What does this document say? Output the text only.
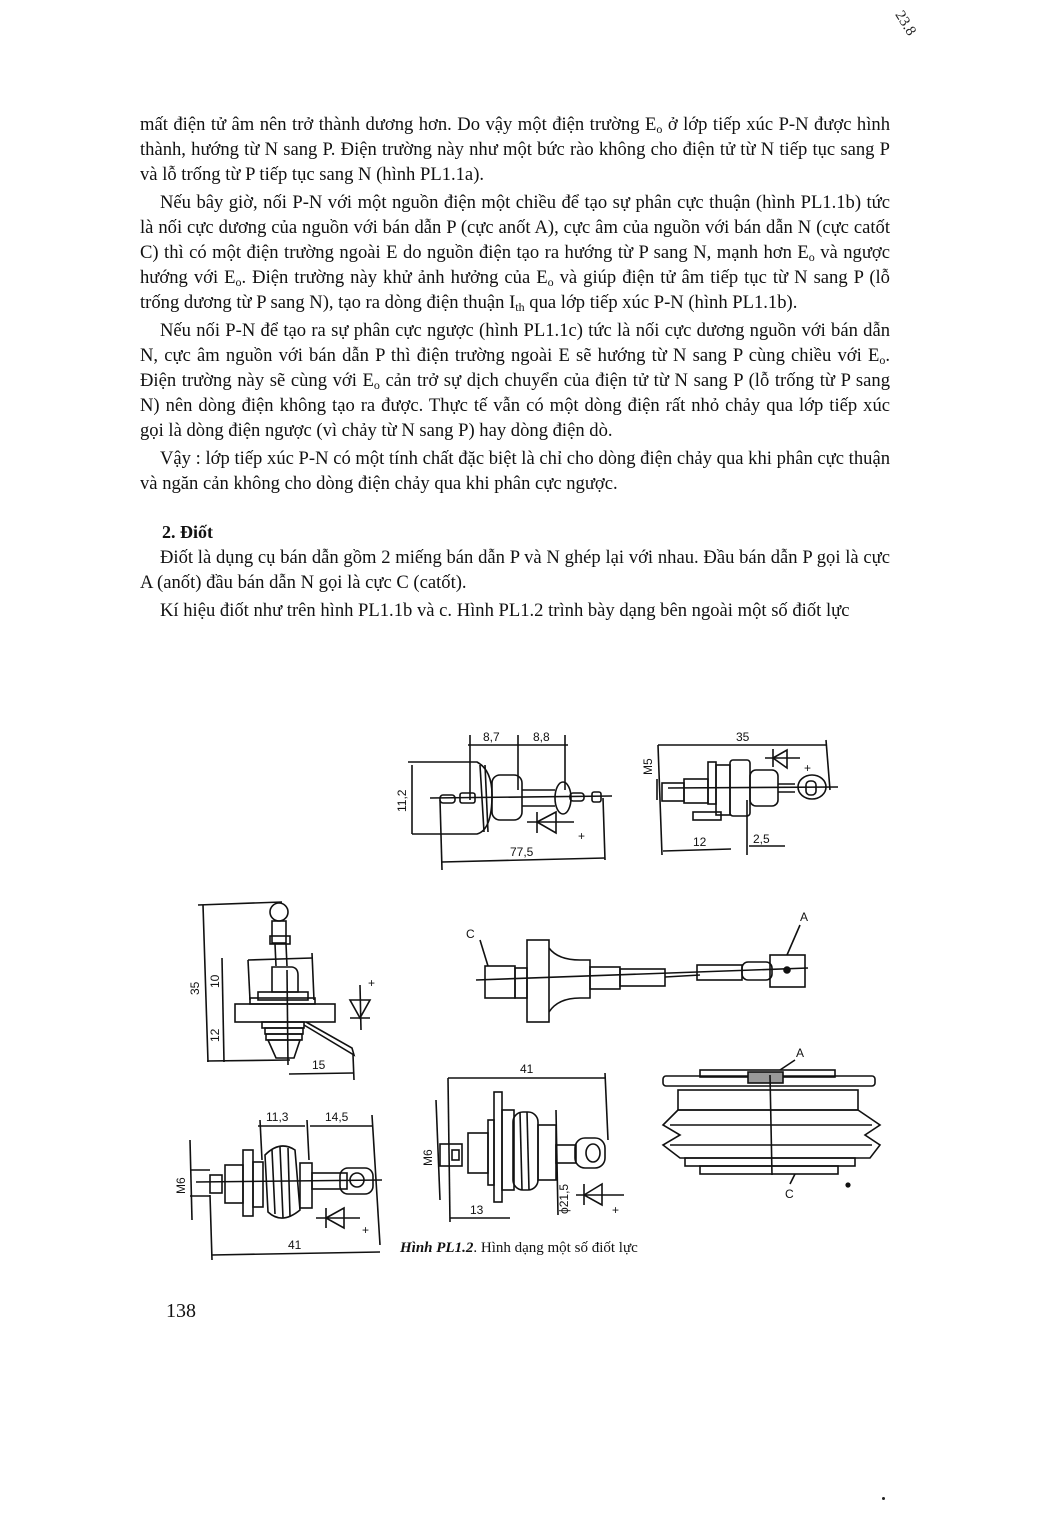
23.8

mất điện tử âm nên trở thành dương hơn. Do vậy một điện trường $E_o$ ở lớp tiếp xúc P-N được hình thành, hướng từ N sang P. Điện trường này như một bức rào không cho điện tử từ N tiếp tục sang P và lỗ trống từ P tiếp tục sang N (hình PL1.1a).

Nếu bây giờ, nối P-N với một nguồn điện một chiều để tạo sự phân cực thuận (hình PL1.1b) tức là nối cực dương của nguồn với bán dẫn P (cực anốt A), cực âm của nguồn với bán dẫn N (cực catốt C) thì có một điện trường ngoài E do nguồn điện tạo ra hướng từ P sang N, mạnh hơn $E_o$ và ngược hướng với $E_o$. Điện trường này khử ảnh hưởng của $E_o$ và giúp điện tử âm tiếp tục từ N sang P (lỗ trống dương từ P sang N), tạo ra dòng điện thuận $I_{th}$ qua lớp tiếp xúc P-N (hình PL1.1b).

Nếu nối P-N để tạo ra sự phân cực ngược (hình PL1.1c) tức là nối cực dương nguồn với bán dẫn N, cực âm nguồn với bán dẫn P thì điện trường ngoài E sẽ hướng từ N sang P cùng chiều với $E_o$. Điện trường này sẽ cùng với $E_o$ cản trở sự dịch chuyển của điện tử từ N sang P (lỗ trống từ P sang N) nên dòng điện không tạo ra được. Thực tế vẫn có một dòng điện rất nhỏ chảy qua lớp tiếp xúc gọi là dòng điện ngược (vì chảy từ N sang P) hay dòng điện dò.

Vậy : lớp tiếp xúc P-N có một tính chất đặc biệt là chỉ cho dòng điện chảy qua khi phân cực thuận và ngăn cản không cho dòng điện chảy qua khi phân cực ngược.

2. Điốt

Điốt là dụng cụ bán dẫn gồm 2 miếng bán dẫn P và N ghép lại với nhau. Đầu bán dẫn P gọi là cực A (anốt) đầu bán dẫn N gọi là cực C (catốt).

Kí hiệu điốt như trên hình PL1.1b và c. Hình PL1.2 trình bày dạng bên ngoài một số điốt lực

8,7	8,8
11,2
77,5
+
35
M5
12	2,5
+
35
10
12
15
+
C
A
11,3	14,5
M6
41
+
41
M6
13	ϕ21,5	+
A
C
Hình PL1.2. Hình dạng một số điốt lực
138
